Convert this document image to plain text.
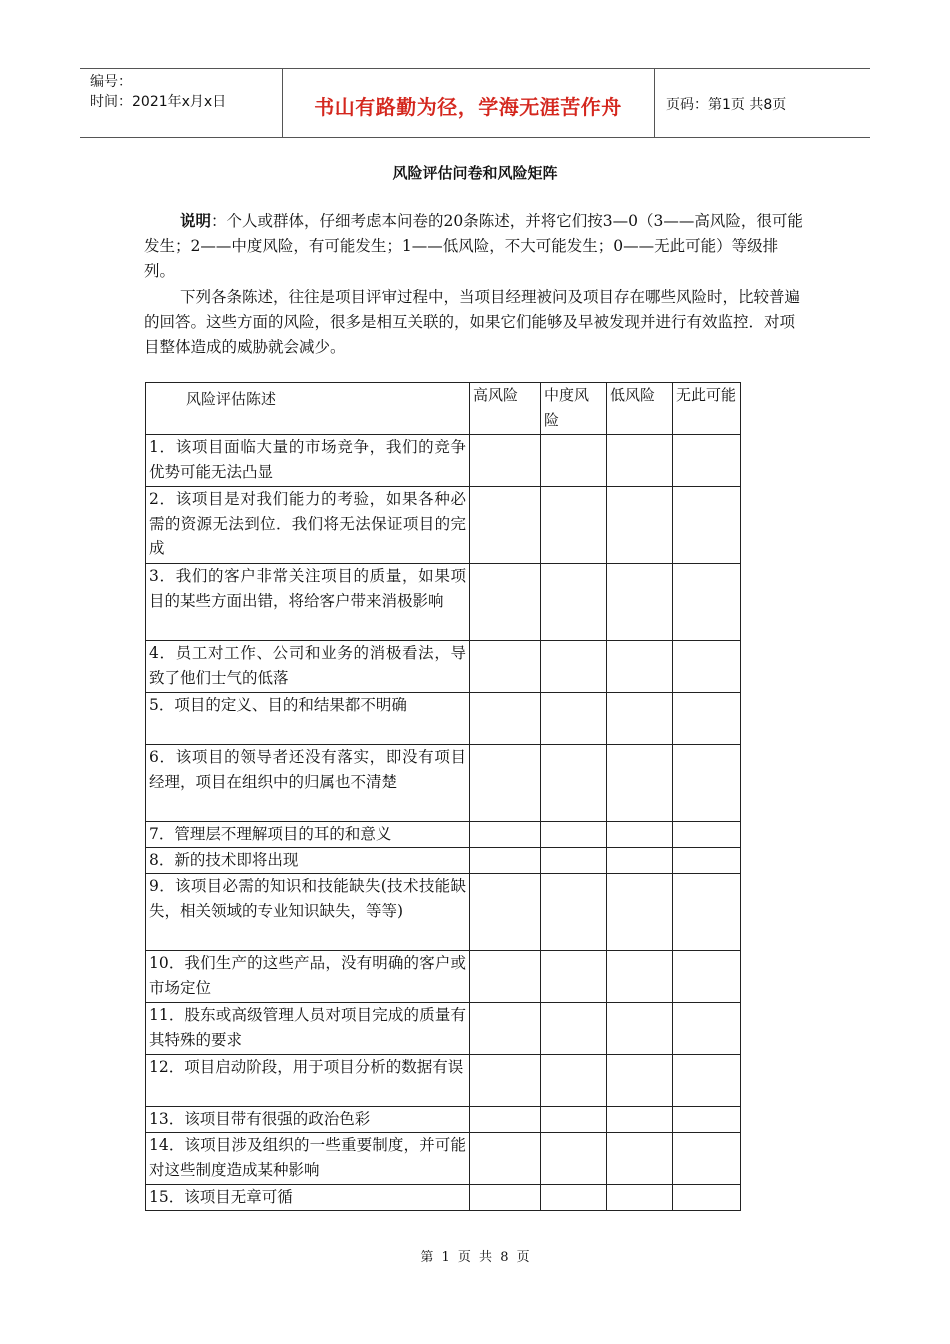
编号：
时间：2021年x月x日	书山有路勤为径，学海无涯苦作舟	页码：第1页 共8页
风险评估问卷和风险矩阵
说明：个人或群体，仔细考虑本问卷的20条陈述，并将它们按3—0（3——高风险，很可能发生；2——中度风险，有可能发生；1——低风险，不大可能发生；0——无此可能）等级排列。
下列各条陈述，往往是项目评审过程中，当项目经理被问及项目存在哪些风险时，比较普遍的回答。这些方面的风险，很多是相互关联的，如果它们能够及早被发现并进行有效监控．对项目整体造成的威胁就会减少。
风险评估陈述	高风险	中度风险	低风险	无此可能
1．该项目面临大量的市场竞争，我们的竞争优势可能无法凸显				
2．该项目是对我们能力的考验，如果各种必需的资源无法到位．我们将无法保证项目的完成				
3．我们的客户非常关注项目的质量，如果项目的某些方面出错，将给客户带来消极影响				
4．员工对工作、公司和业务的消极看法，导致了他们士气的低落				
5．项目的定义、目的和结果都不明确				
6．该项目的领导者还没有落实，即没有项目经理，项目在组织中的归属也不清楚				
7．管理层不理解项目的耳的和意义				
8．新的技术即将出现				
9．该项目必需的知识和技能缺失(技术技能缺失，相关领域的专业知识缺失，等等)				
10．我们生产的这些产品，没有明确的客户或市场定位				
11．股东或高级管理人员对项目完成的质量有其特殊的要求				
12．项目启动阶段，用于项目分析的数据有误				
13．该项目带有很强的政治色彩				
14．该项目涉及组织的一些重要制度，并可能对这些制度造成某种影响				
15．该项目无章可循				
第 1 页 共 8 页
